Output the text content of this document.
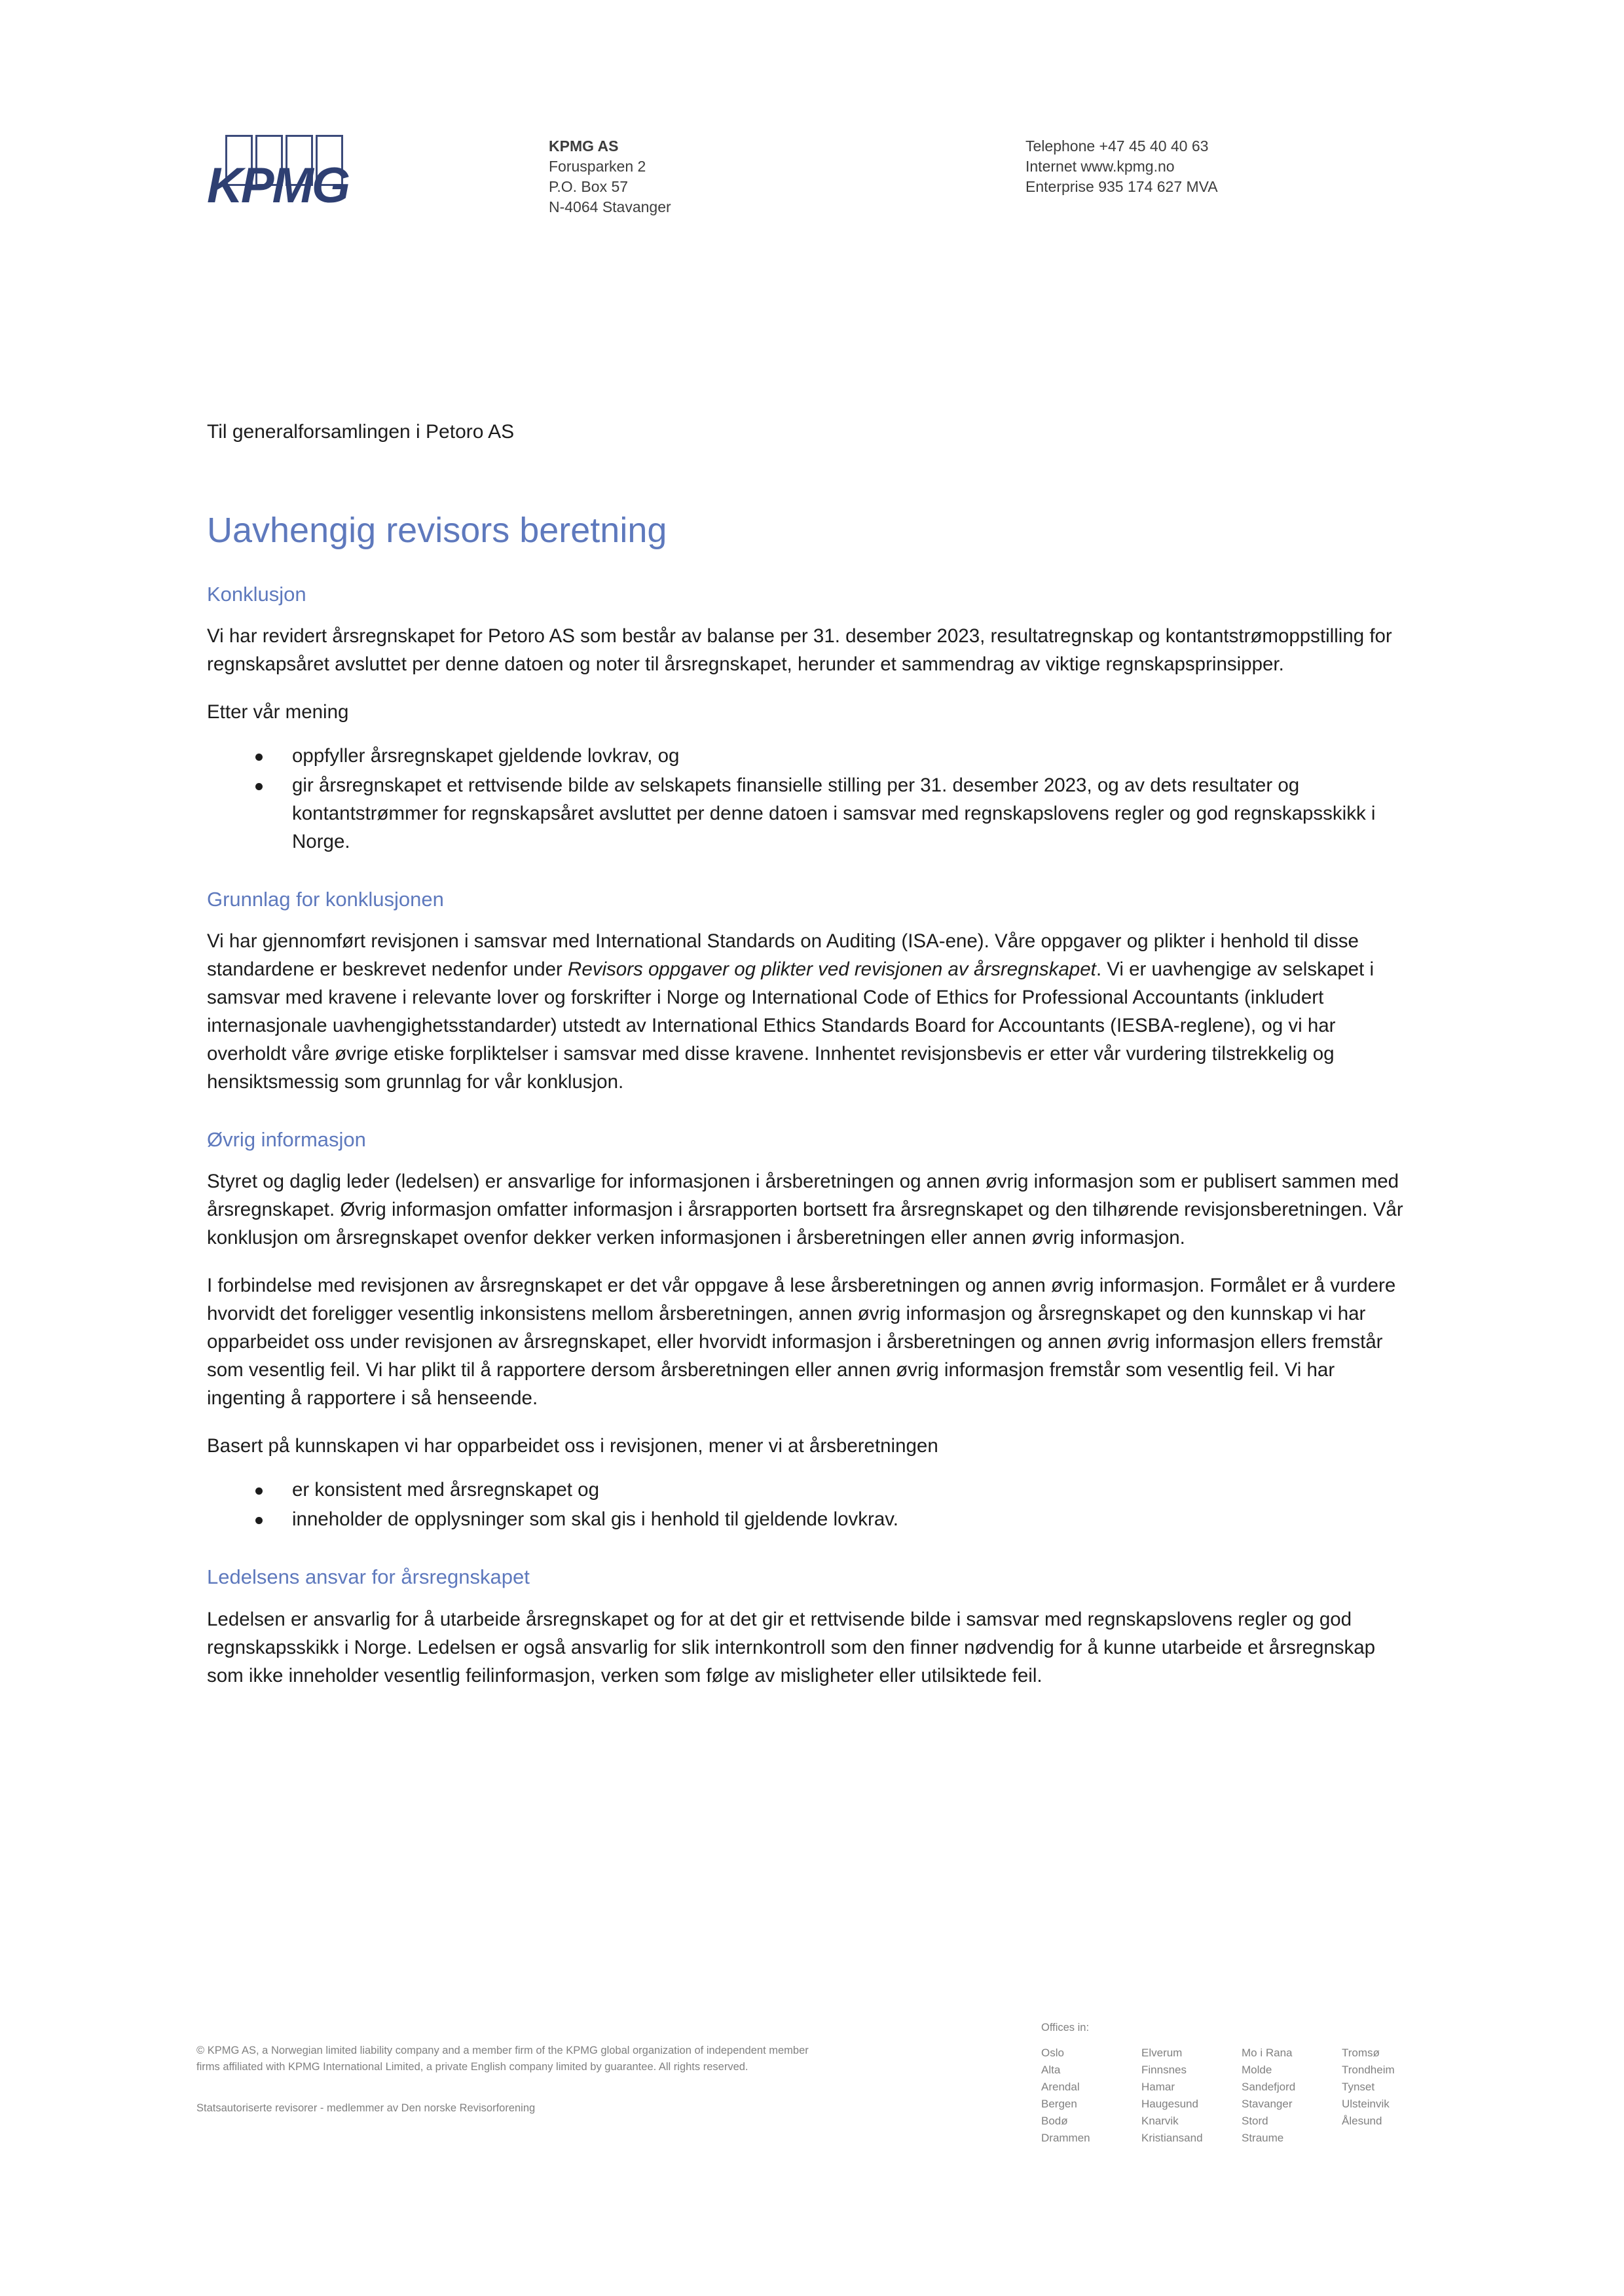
KPMG
KPMG AS
Forusparken 2
P.O. Box 57
N-4064 Stavanger
Telephone +47 45 40 40 63
Internet www.kpmg.no
Enterprise 935 174 627 MVA

Til generalforsamlingen i Petoro AS

Uavhengig revisors beretning
Konklusjon

Vi har revidert årsregnskapet for Petoro AS som består av balanse per 31. desember 2023, resultatregnskap og kontantstrømoppstilling for regnskapsåret avsluttet per denne datoen og noter til årsregnskapet, herunder et sammendrag av viktige regnskapsprinsipper.

Etter vår mening

oppfyller årsregnskapet gjeldende lovkrav, og
gir årsregnskapet et rettvisende bilde av selskapets finansielle stilling per 31. desember 2023, og av dets resultater og kontantstrømmer for regnskapsåret avsluttet per denne datoen i samsvar med regnskapslovens regler og god regnskapsskikk i Norge.
Grunnlag for konklusjonen

Vi har gjennomført revisjonen i samsvar med International Standards on Auditing (ISA-ene). Våre oppgaver og plikter i henhold til disse standardene er beskrevet nedenfor under Revisors oppgaver og plikter ved revisjonen av årsregnskapet. Vi er uavhengige av selskapet i samsvar med kravene i relevante lover og forskrifter i Norge og International Code of Ethics for Professional Accountants (inkludert internasjonale uavhengighetsstandarder) utstedt av International Ethics Standards Board for Accountants (IESBA-reglene), og vi har overholdt våre øvrige etiske forpliktelser i samsvar med disse kravene. Innhentet revisjonsbevis er etter vår vurdering tilstrekkelig og hensiktsmessig som grunnlag for vår konklusjon.

Øvrig informasjon

Styret og daglig leder (ledelsen) er ansvarlige for informasjonen i årsberetningen og annen øvrig informasjon som er publisert sammen med årsregnskapet. Øvrig informasjon omfatter informasjon i årsrapporten bortsett fra årsregnskapet og den tilhørende revisjonsberetningen. Vår konklusjon om årsregnskapet ovenfor dekker verken informasjonen i årsberetningen eller annen øvrig informasjon.

I forbindelse med revisjonen av årsregnskapet er det vår oppgave å lese årsberetningen og annen øvrig informasjon. Formålet er å vurdere hvorvidt det foreligger vesentlig inkonsistens mellom årsberetningen, annen øvrig informasjon og årsregnskapet og den kunnskap vi har opparbeidet oss under revisjonen av årsregnskapet, eller hvorvidt informasjon i årsberetningen og annen øvrig informasjon ellers fremstår som vesentlig feil. Vi har plikt til å rapportere dersom årsberetningen eller annen øvrig informasjon fremstår som vesentlig feil. Vi har ingenting å rapportere i så henseende.

Basert på kunnskapen vi har opparbeidet oss i revisjonen, mener vi at årsberetningen

er konsistent med årsregnskapet og
inneholder de opplysninger som skal gis i henhold til gjeldende lovkrav.
Ledelsens ansvar for årsregnskapet

Ledelsen er ansvarlig for å utarbeide årsregnskapet og for at det gir et rettvisende bilde i samsvar med regnskapslovens regler og god regnskapsskikk i Norge. Ledelsen er også ansvarlig for slik internkontroll som den finner nødvendig for å kunne utarbeide et årsregnskap som ikke inneholder vesentlig feilinformasjon, verken som følge av misligheter eller utilsiktede feil.

© KPMG AS, a Norwegian limited liability company and a member firm of the KPMG global organization of independent member
firms affiliated with KPMG International Limited, a private English company limited by guarantee. All rights reserved.
Statsautoriserte revisorer - medlemmer av Den norske Revisorforening
Offices in:
Oslo
Alta
Arendal
Bergen
Bodø
Drammen
Elverum
Finnsnes
Hamar
Haugesund
Knarvik
Kristiansand
Mo i Rana
Molde
Sandefjord
Stavanger
Stord
Straume
Tromsø
Trondheim
Tynset
Ulsteinvik
Ålesund
